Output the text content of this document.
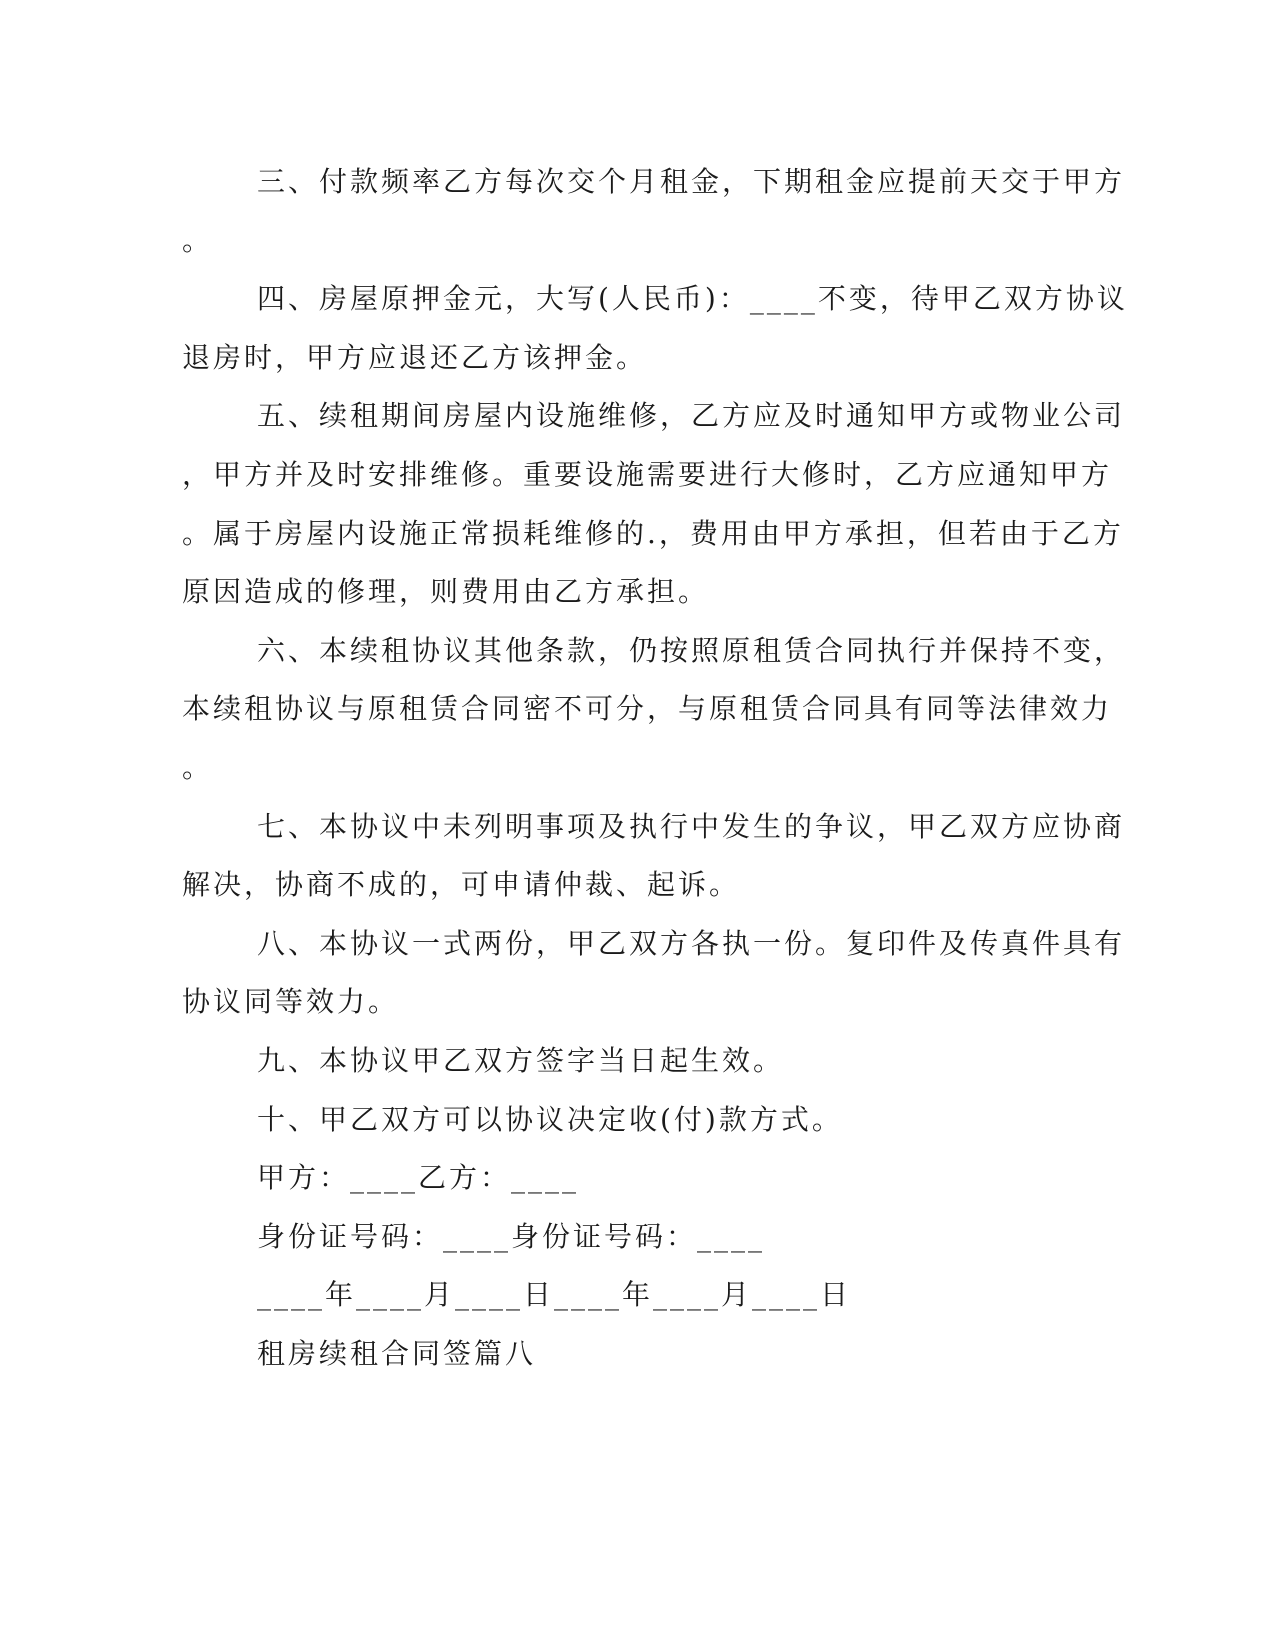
三、付款频率乙方每次交个月租金，下期租金应提前天交于甲方
。
四、房屋原押金元，大写(人民币)：____不变，待甲乙双方协议
退房时，甲方应退还乙方该押金。
五、续租期间房屋内设施维修，乙方应及时通知甲方或物业公司
，甲方并及时安排维修。重要设施需要进行大修时，乙方应通知甲方
。属于房屋内设施正常损耗维修的.，费用由甲方承担，但若由于乙方
原因造成的修理，则费用由乙方承担。
六、本续租协议其他条款，仍按照原租赁合同执行并保持不变，
本续租协议与原租赁合同密不可分，与原租赁合同具有同等法律效力
。
七、本协议中未列明事项及执行中发生的争议，甲乙双方应协商
解决，协商不成的，可申请仲裁、起诉。
八、本协议一式两份，甲乙双方各执一份。复印件及传真件具有
协议同等效力。
九、本协议甲乙双方签字当日起生效。
十、甲乙双方可以协议决定收(付)款方式。
甲方：____乙方：____
身份证号码：____身份证号码：____
____年____月____日____年____月____日
租房续租合同签篇八
